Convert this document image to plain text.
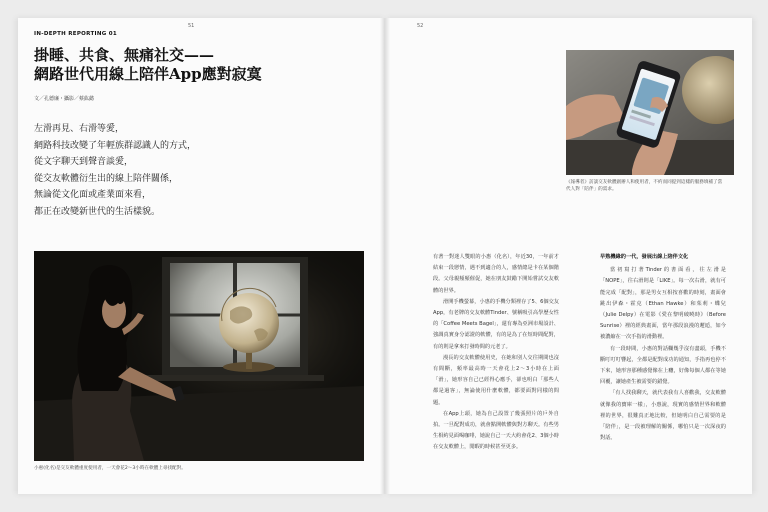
51
IN-DEPTH REPORTING 01
掛睡、共食、無痛社交——
網路世代用線上陪伴App應對寂寞
文／孔德廉・攝影／蔡紘懿
左滑再見、右滑等愛，
網路科技改變了年輕族群認識人的方式，
從文字聊天到聲音談愛，
從交友軟體衍生出的線上陪伴關係，
無論從文化面或產業面來看，
都正在改變新世代的生活樣貌。
小惠(化名)是交友軟體重度使用者，一天會花2〜3小時在軟體上尋找配對。
52
《報導者》訪談交友軟體創辦人和使用者，不約而同提到這樣的服務填補了當代人對「陪伴」的需求。

有著一對迷人雙眼的小惠（化名），年近30，一年前才結束一段戀情，遇不到適合的人，感情總是卡在某個階段。父母親頻頻催促，她在朋友鼓勵下開始嘗試交友軟體的世界。

滑開手機螢幕，小惠的手機分類裡存了5、6個交友App，有老牌的交友軟體Tinder、號稱吸引高學歷女性的「Coffee Meets Bagel」，還有專為亞洲市場設計、強調真實身分認證的軟體，有的是為了在短時間配對，有的則是拿來打發時間的元老了。

漫長的交友軟體使用史，在她和別人交往期間也沒有間斷，頻率最高時一天會花上2〜3小時在上面「滑」，她形容自己已經得心應手，卻也明白「那些人都是過客」，無論使用什麼軟體，都要面對同樣的問題。

在App上頭，她為自己設置了幾張照片的戶外自拍。一旦配對成功，就會點開軟體與對方聊天。有些男生相約見面喝咖啡，她說自己一天大約會花2、3個小時在交友軟體上，閒暇的時候甚至更多。

早熟機緣的一代，發展出線上陪伴文化

當初寫打著Tinder的書面看，往左滑是「NOPE」，往右滑則是「LIKE」。每一次右滑，就有可能完成「配對」，那是男女互相按喜歡的時刻，畫面會跳出伊森・霍克（Ethan Hawke）和茱莉・蝶兒（Julie Delpy）在電影《愛在黎明破曉時》（Before Sunrise）裡的經典畫面，當年那段浪漫的邂逅，如今被濃縮在一次手指的滑動裡。

有一段時間，小惠的對話欄幾乎沒有盡頭，手機不斷叮叮叮響起，全都是配對成功的通知，手指再也停不下來，她形容那種感覺像在上癮，好像每個人都在等她回覆，讓她產生被需要的錯覺。

「有人找我聊天，就代表我有人喜歡我，交友軟體就像我的寶庫一樣」，小惠說，現實的感情世界和軟體裡的世界，很難真正地比較，但她明白自己需要的是「陪伴」，是一段被理解的關係，哪怕只是一次深夜的對話。
